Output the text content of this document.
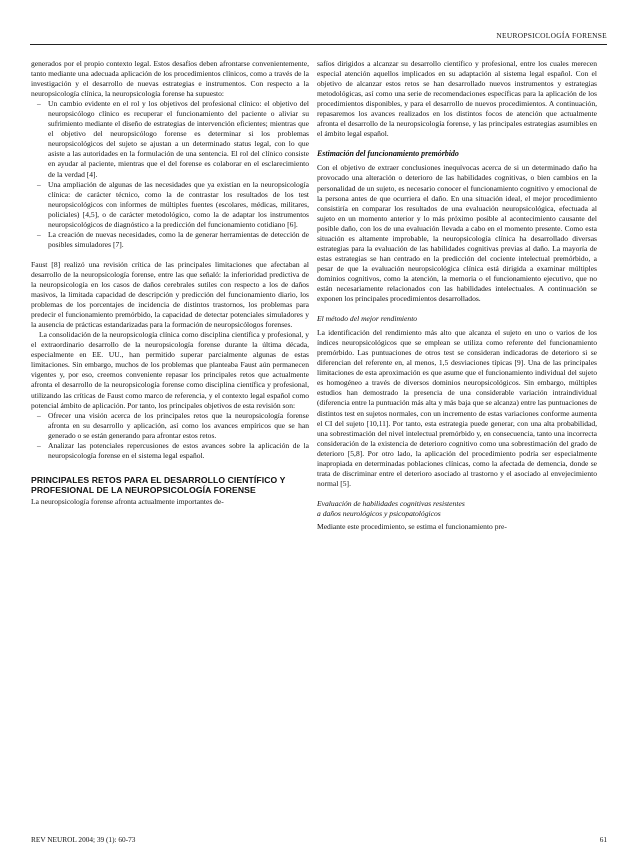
NEUROPSICOLOGÍA FORENSE

generados por el propio contexto legal. Estos desafíos deben afrontarse convenientemente, tanto mediante una adecuada aplicación de los procedimientos clínicos, como a través de la investigación y el desarrollo de nuevas estrategias e instrumentos. Con respecto a la neuropsicología clínica, la neuropsicología forense ha supuesto:

– Un cambio evidente en el rol y los objetivos del profesional clínico: el objetivo del neuropsicólogo clínico es recuperar el funcionamiento del paciente o aliviar su sufrimiento mediante el diseño de estrategias de intervención eficientes; mientras que el objetivo del neuropsicólogo forense es determinar si los problemas neuropsicológicos del sujeto se ajustan a un determinado status legal, con lo que asiste a las autoridades en la formulación de una sentencia. El rol del clínico consiste en ayudar al paciente, mientras que el del forense es colaborar en el esclarecimiento de la verdad [4].
– Una ampliación de algunas de las necesidades que ya existían en la neuropsicología clínica: de carácter técnico, como la de contrastar los resultados de los test neuropsicológicos con informes de múltiples fuentes (escolares, médicas, militares, policiales) [4,5], o de carácter metodológico, como la de adaptar los instrumentos neuropsicológicos de diagnóstico a la predicción del funcionamiento cotidiano [6].
– La creación de nuevas necesidades, como la de generar herramientas de detección de posibles simuladores [7].

Faust [8] realizó una revisión crítica de las principales limitaciones que afectaban al desarrollo de la neuropsicología forense, entre las que señaló: la inferioridad predictiva de la neuropsicología en los casos de daños cerebrales sutiles con respecto a los de daños masivos, la limitada capacidad de descripción y predicción del funcionamiento diario, los problemas de los porcentajes de incidencia de distintos trastornos, los problemas para predecir el funcionamiento premórbido, la capacidad de detectar potenciales simuladores y la ausencia de prácticas estandarizadas para la formación de neuropsicólogos forenses.

La consolidación de la neuropsicología clínica como disciplina científica y profesional, y el extraordinario desarrollo de la neuropsicología forense durante la última década, especialmente en EE. UU., han permitido superar parcialmente algunas de estas limitaciones. Sin embargo, muchos de los problemas que planteaba Faust aún permanecen vigentes y, por eso, creemos conveniente repasar los principales retos que actualmente afronta el desarrollo de la neuropsicología forense como disciplina científica y profesional, utilizando las críticas de Faust como marco de referencia, y el contexto legal español como potencial ámbito de aplicación. Por tanto, los principales objetivos de esta revisión son:

– Ofrecer una visión acerca de los principales retos que la neuropsicología forense afronta en su desarrollo y aplicación, así como los avances empíricos que se han generado o se están generando para afrontar estos retos.
– Analizar las potenciales repercusiones de estos avances sobre la aplicación de la neuropsicología forense en el sistema legal español.
PRINCIPALES RETOS PARA EL DESARROLLO CIENTÍFICO Y PROFESIONAL DE LA NEUROPSICOLOGÍA FORENSE

La neuropsicología forense afronta actualmente importantes de-

safíos dirigidos a alcanzar su desarrollo científico y profesional, entre los cuales merecen especial atención aquellos implicados en su adaptación al sistema legal español. Con el objetivo de alcanzar estos retos se han desarrollado nuevos instrumentos y estrategias metodológicas, así como una serie de recomendaciones específicas para la aplicación de los procedimientos disponibles, y para el desarrollo de nuevos procedimientos. A continuación, repasaremos los avances realizados en los distintos focos de atención que actualmente afronta el desarrollo de la neuropsicología forense, y las principales estrategias asumibles en el ámbito legal español.

Estimación del funcionamiento premórbido

Con el objetivo de extraer conclusiones inequívocas acerca de si un determinado daño ha provocado una alteración o deterioro de las habilidades cognitivas, o bien cambios en la personalidad de un sujeto, es necesario conocer el funcionamiento cognitivo y emocional de la persona antes de que ocurriera el daño. En una situación ideal, el mejor procedimiento consistiría en comparar los resultados de una evaluación neuropsicológica, efectuada al sujeto en un momento anterior y lo más próximo posible al acontecimiento causante del posible daño, con los de una evaluación llevada a cabo en el momento presente. Como esta situación es altamente improbable, la neuropsicología clínica ha desarrollado diversas estrategias para la evaluación de las habilidades cognitivas previas al daño. La mayoría de estas estrategias se han centrado en la predicción del cociente intelectual premórbido, a pesar de que la evaluación neuropsicológica clínica está dirigida a examinar múltiples dominios cognitivos, como la atención, la memoria o el funcionamiento ejecutivo, que no están necesariamente relacionados con las habilidades intelectuales. A continuación se exponen los principales procedimientos desarrollados.

El método del mejor rendimiento

La identificación del rendimiento más alto que alcanza el sujeto en uno o varios de los índices neuropsicológicos que se emplean se utiliza como referente del funcionamiento premórbido. Las puntuaciones de otros test se consideran indicadoras de deterioro si se diferencian del referente en, al menos, 1,5 desviaciones típicas [9]. Una de las principales limitaciones de esta aproximación es que asume que el funcionamiento individual del sujeto es homogéneo a través de diversos dominios neuropsicológicos. Sin embargo, múltiples estudios han demostrado la presencia de una considerable variación intraindividual (diferencia entre la puntuación más alta y más baja que se alcanza) entre las puntuaciones de distintos test en sujetos normales, con un incremento de estas variaciones conforme aumenta el CI del sujeto [10,11]. Por tanto, esta estrategia puede generar, con una alta probabilidad, una sobrestimación del nivel intelectual premórbido y, en consecuencia, tanto una incorrecta consideración de la existencia de deterioro cognitivo como una sobrestimación del grado de deterioro [5,8]. Por otro lado, la aplicación del procedimiento podría ser especialmente inapropiada en determinadas poblaciones clínicas, como la afectada de demencia, donde se trata de discriminar entre el deterioro asociado al trastorno y el asociado al envejecimiento normal [5].

Evaluación de habilidades cognitivas resistentes
a daños neurológicos y psicopatológicos

Mediante este procedimiento, se estima el funcionamiento pre-

REV NEUROL 2004; 39 (1): 60-73	61
